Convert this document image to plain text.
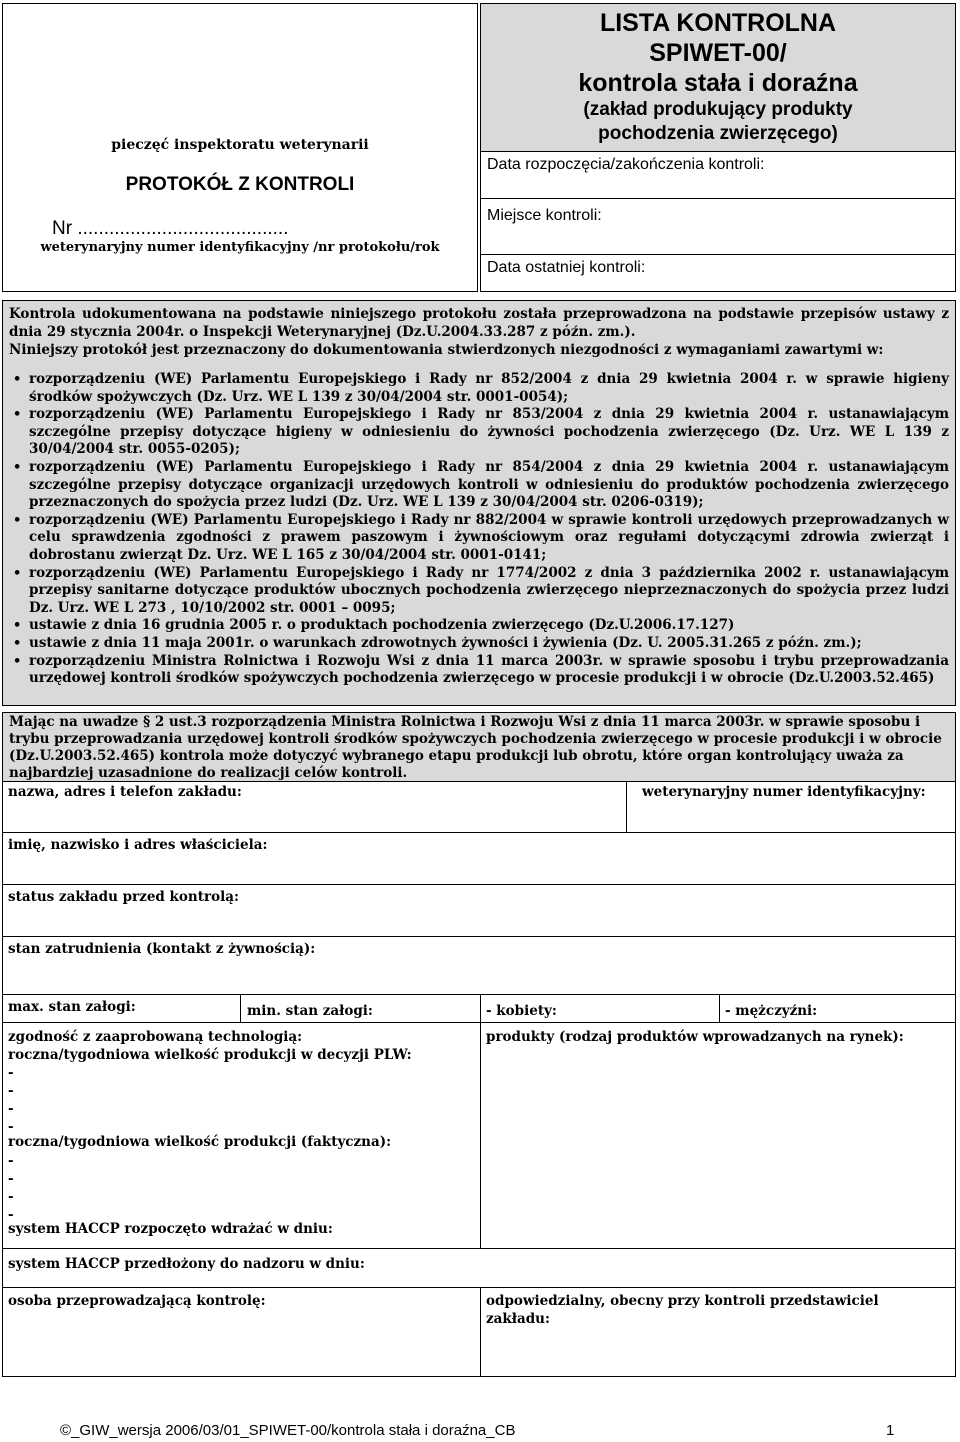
pieczęć inspektoratu weterynarii
PROTOKÓŁ Z KONTROLI
Nr ........................................
weterynaryjny numer identyfikacyjny /nr protokołu/rok
LISTA KONTROLNA
SPIWET-00/
kontrola stała i doraźna
(zakład produkujący produkty
pochodzenia zwierzęcego)
Data rozpoczęcia/zakończenia kontroli:
Miejsce kontroli:
Data ostatniej kontroli:
Kontrola udokumentowana na podstawie niniejszego protokołu została przeprowadzona na podstawie przepisów ustawy z dnia 29 stycznia 2004r. o Inspekcji Weterynaryjnej (Dz.U.2004.33.287 z późn. zm.).
Niniejszy protokół jest przeznaczony do dokumentowania stwierdzonych niezgodności z wymaganiami zawartymi w:
• rozporządzeniu (WE) Parlamentu Europejskiego i Rady nr 852/2004 z dnia 29 kwietnia 2004 r. w sprawie higieny środków spożywczych (Dz. Urz. WE L 139 z 30/04/2004 str. 0001-0054);
• rozporządzeniu (WE) Parlamentu Europejskiego i Rady nr 853/2004 z dnia 29 kwietnia 2004 r. ustanawiającym szczególne przepisy dotyczące higieny w odniesieniu do żywności pochodzenia zwierzęcego (Dz. Urz. WE L 139 z 30/04/2004 str. 0055-0205);
• rozporządzeniu (WE) Parlamentu Europejskiego i Rady nr 854/2004 z dnia 29 kwietnia 2004 r. ustanawiającym szczególne przepisy dotyczące organizacji urzędowych kontroli w odniesieniu do produktów pochodzenia zwierzęcego przeznaczonych do spożycia przez ludzi (Dz. Urz. WE L 139 z 30/04/2004 str. 0206-0319);
• rozporządzeniu (WE) Parlamentu Europejskiego i Rady nr 882/2004 w sprawie kontroli urzędowych przeprowadzanych w celu sprawdzenia zgodności z prawem paszowym i żywnościowym oraz regułami dotyczącymi zdrowia zwierząt i dobrostanu zwierząt Dz. Urz. WE L 165 z 30/04/2004 str. 0001-0141;
• rozporządzeniu (WE) Parlamentu Europejskiego i Rady nr 1774/2002 z dnia 3 października 2002 r. ustanawiającym przepisy sanitarne dotyczące produktów ubocznych pochodzenia zwierzęcego nieprzeznaczonych do spożycia przez ludzi Dz. Urz. WE L 273 , 10/10/2002 str. 0001 – 0095;
• ustawie z dnia 16 grudnia 2005 r. o produktach pochodzenia zwierzęcego (Dz.U.2006.17.127)
• ustawie z dnia 11 maja 2001r. o warunkach zdrowotnych żywności i żywienia (Dz. U. 2005.31.265 z późn. zm.);
• rozporządzeniu Ministra Rolnictwa i Rozwoju Wsi z dnia 11 marca 2003r. w sprawie sposobu i trybu przeprowadzania urzędowej kontroli środków spożywczych pochodzenia zwierzęcego w procesie produkcji i w obrocie (Dz.U.2003.52.465)
Mając na uwadze § 2 ust.3 rozporządzenia Ministra Rolnictwa i Rozwoju Wsi z dnia 11 marca 2003r. w sprawie sposobu i trybu przeprowadzania urzędowej kontroli środków spożywczych pochodzenia zwierzęcego w procesie produkcji i w obrocie (Dz.U.2003.52.465) kontrola może dotyczyć wybranego etapu produkcji lub obrotu, które organ kontrolujący uważa za najbardziej uzasadnione do realizacji celów kontroli.
nazwa, adres i telefon zakładu:	weterynaryjny numer identyfikacyjny:
imię, nazwisko i adres właściciela:
status zakładu przed kontrolą:
stan zatrudnienia (kontakt z żywnością):
max. stan załogi:	min. stan załogi:	- kobiety:	- mężczyźni:
zgodność z zaaprobowaną technologią:
roczna/tygodniowa wielkość produkcji w decyzji PLW:
-
-
-
-
roczna/tygodniowa wielkość produkcji (faktyczna):
-
-
-
-
system HACCP rozpoczęto wdrażać w dniu:
produkty (rodzaj produktów wprowadzanych na rynek):
system HACCP przedłożony do nadzoru w dniu:
osoba przeprowadzającą kontrolę:	odpowiedzialny, obecny przy kontroli przedstawiciel zakładu:
©_GIW_wersja 2006/03/01_SPIWET-00/kontrola stała i doraźna_CB	1
